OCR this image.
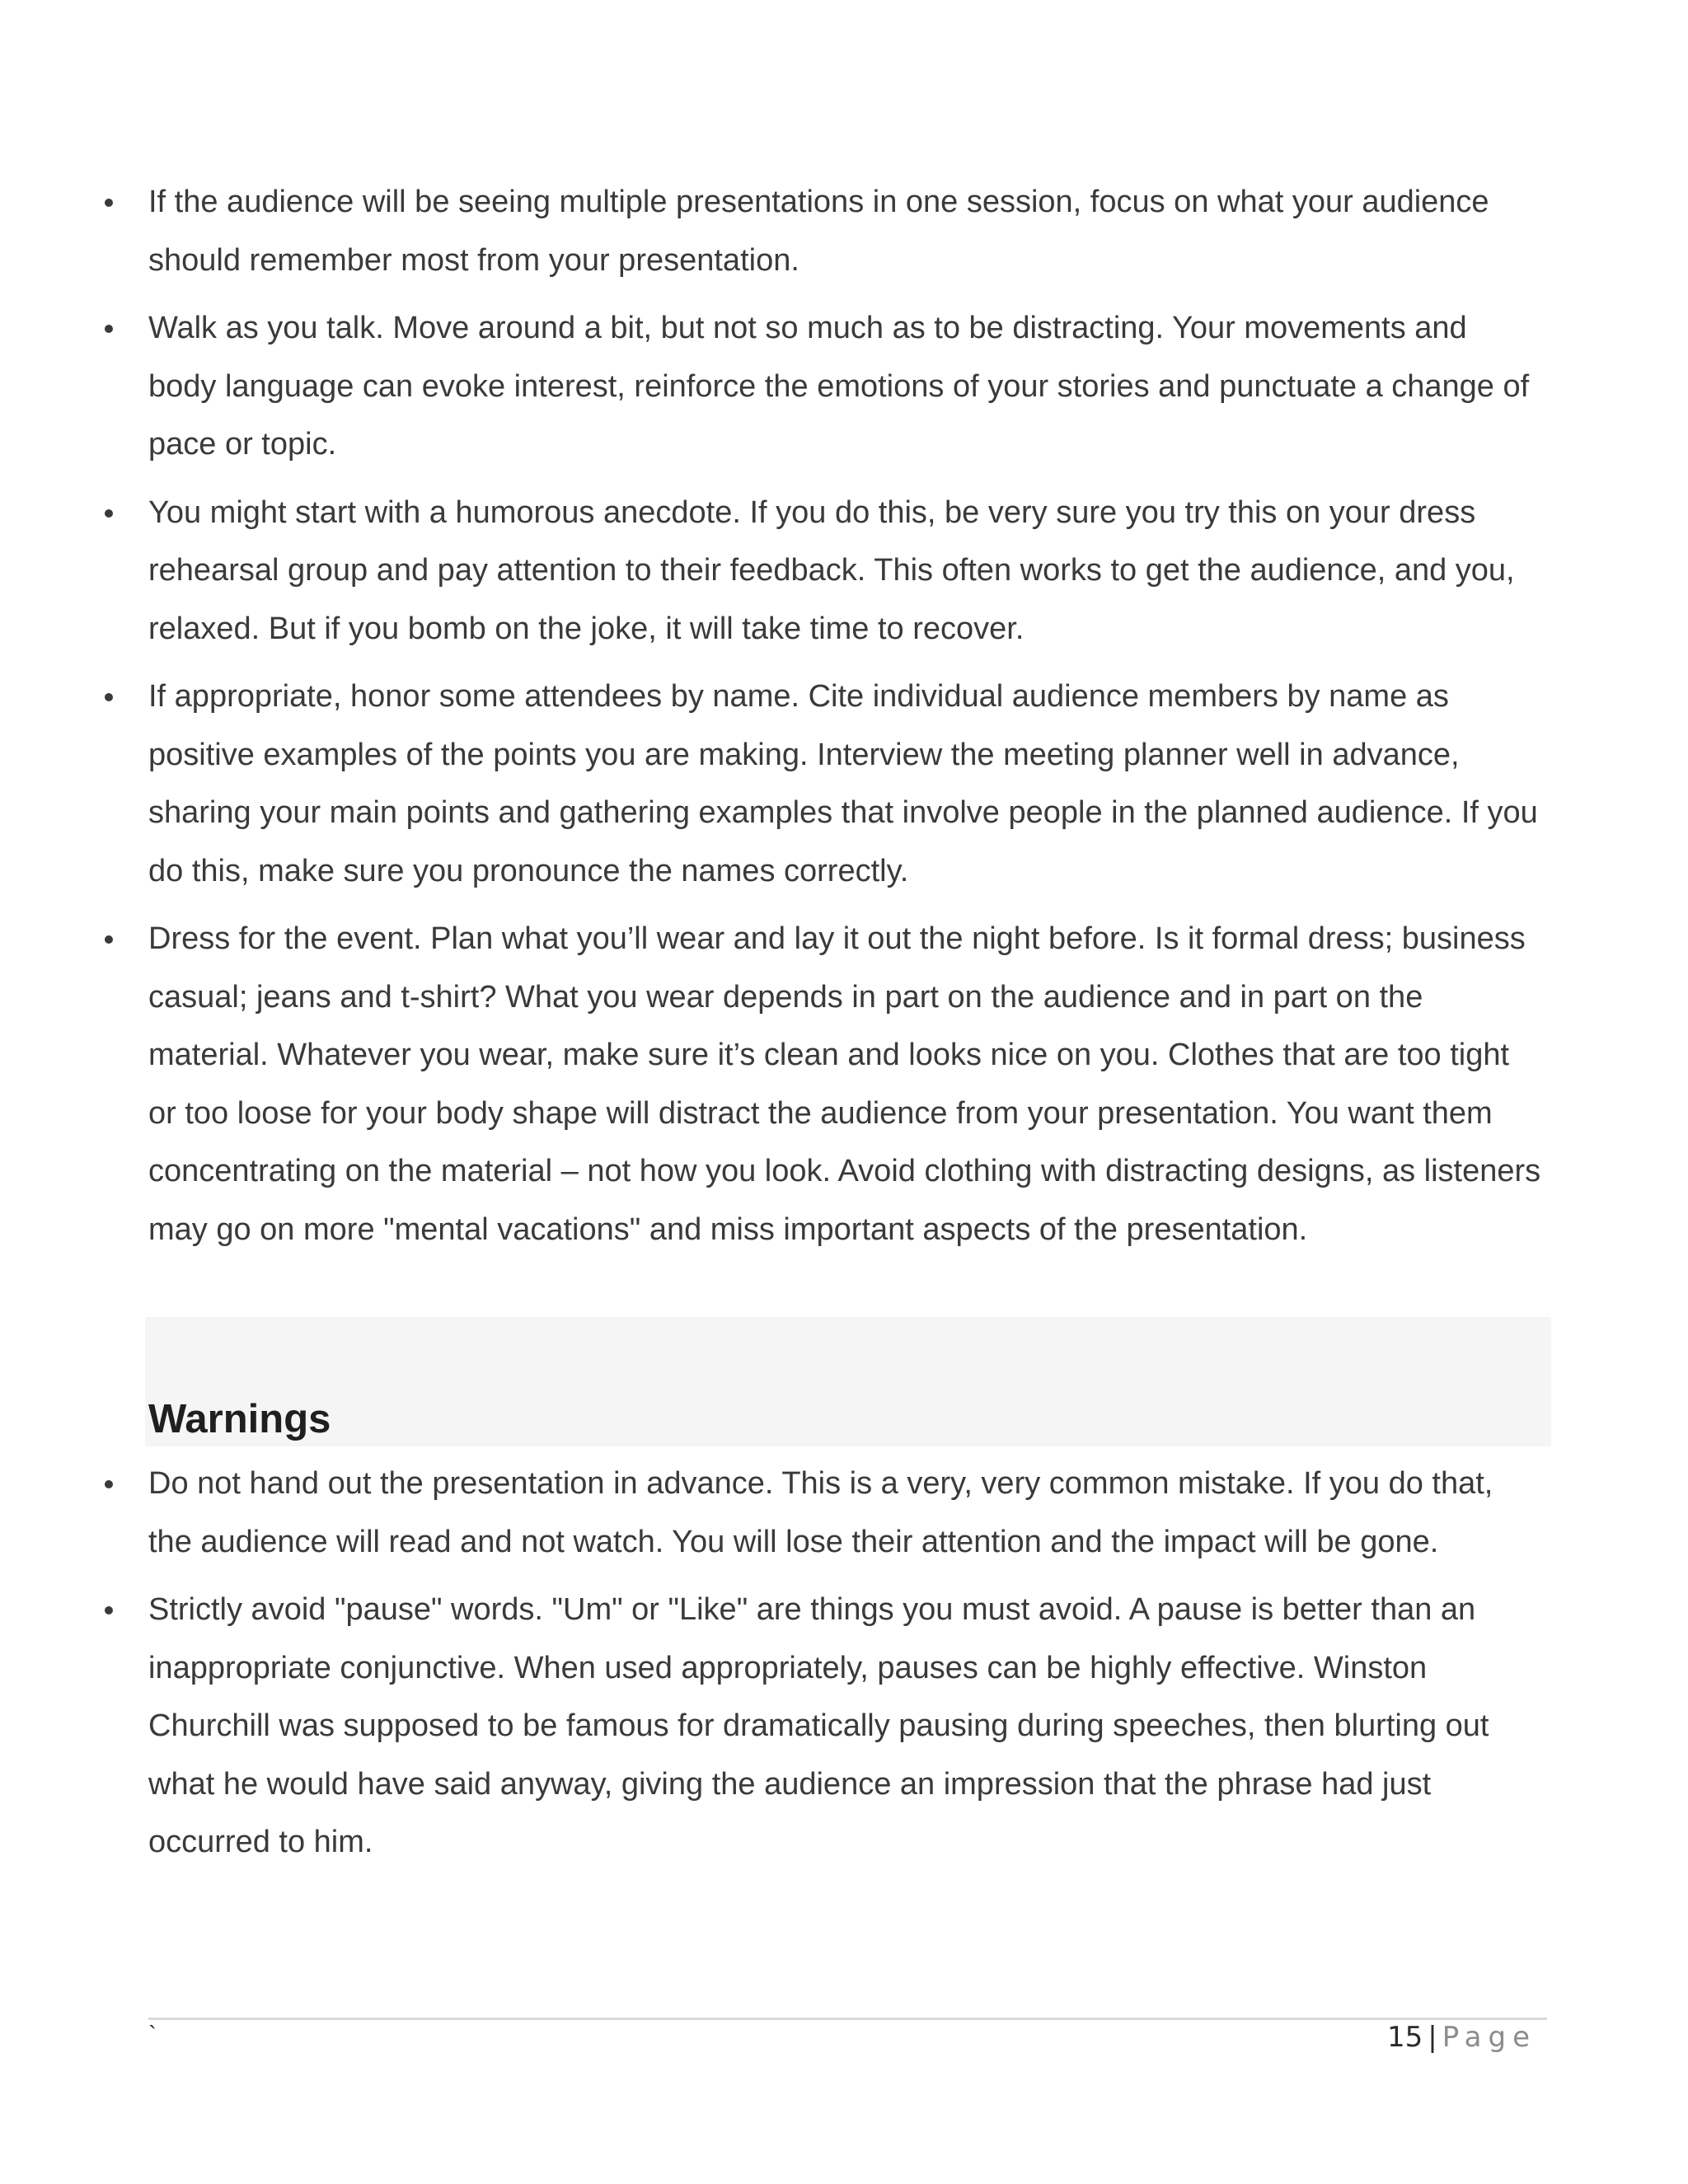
If the audience will be seeing multiple presentations in one session, focus on what your audience should remember most from your presentation.
Walk as you talk. Move around a bit, but not so much as to be distracting. Your movements and body language can evoke interest, reinforce the emotions of your stories and punctuate a change of pace or topic.
You might start with a humorous anecdote. If you do this, be very sure you try this on your dress rehearsal group and pay attention to their feedback. This often works to get the audience, and you, relaxed. But if you bomb on the joke, it will take time to recover.
If appropriate, honor some attendees by name. Cite individual audience members by name as positive examples of the points you are making. Interview the meeting planner well in advance, sharing your main points and gathering examples that involve people in the planned audience. If you do this, make sure you pronounce the names correctly.
Dress for the event. Plan what you’ll wear and lay it out the night before. Is it formal dress; business casual; jeans and t-shirt? What you wear depends in part on the audience and in part on the material. Whatever you wear, make sure it’s clean and looks nice on you. Clothes that are too tight or too loose for your body shape will distract the audience from your presentation. You want them concentrating on the material – not how you look. Avoid clothing with distracting designs, as listeners may go on more "mental vacations" and miss important aspects of the presentation.
Warnings
Do not hand out the presentation in advance. This is a very, very common mistake. If you do that, the audience will read and not watch. You will lose their attention and the impact will be gone.
Strictly avoid "pause" words. "Um" or "Like" are things you must avoid. A pause is better than an inappropriate conjunctive. When used appropriately, pauses can be highly effective. Winston Churchill was supposed to be famous for dramatically pausing during speeches, then blurting out what he would have said anyway, giving the audience an impression that the phrase had just occurred to him.
`	15 | Page
